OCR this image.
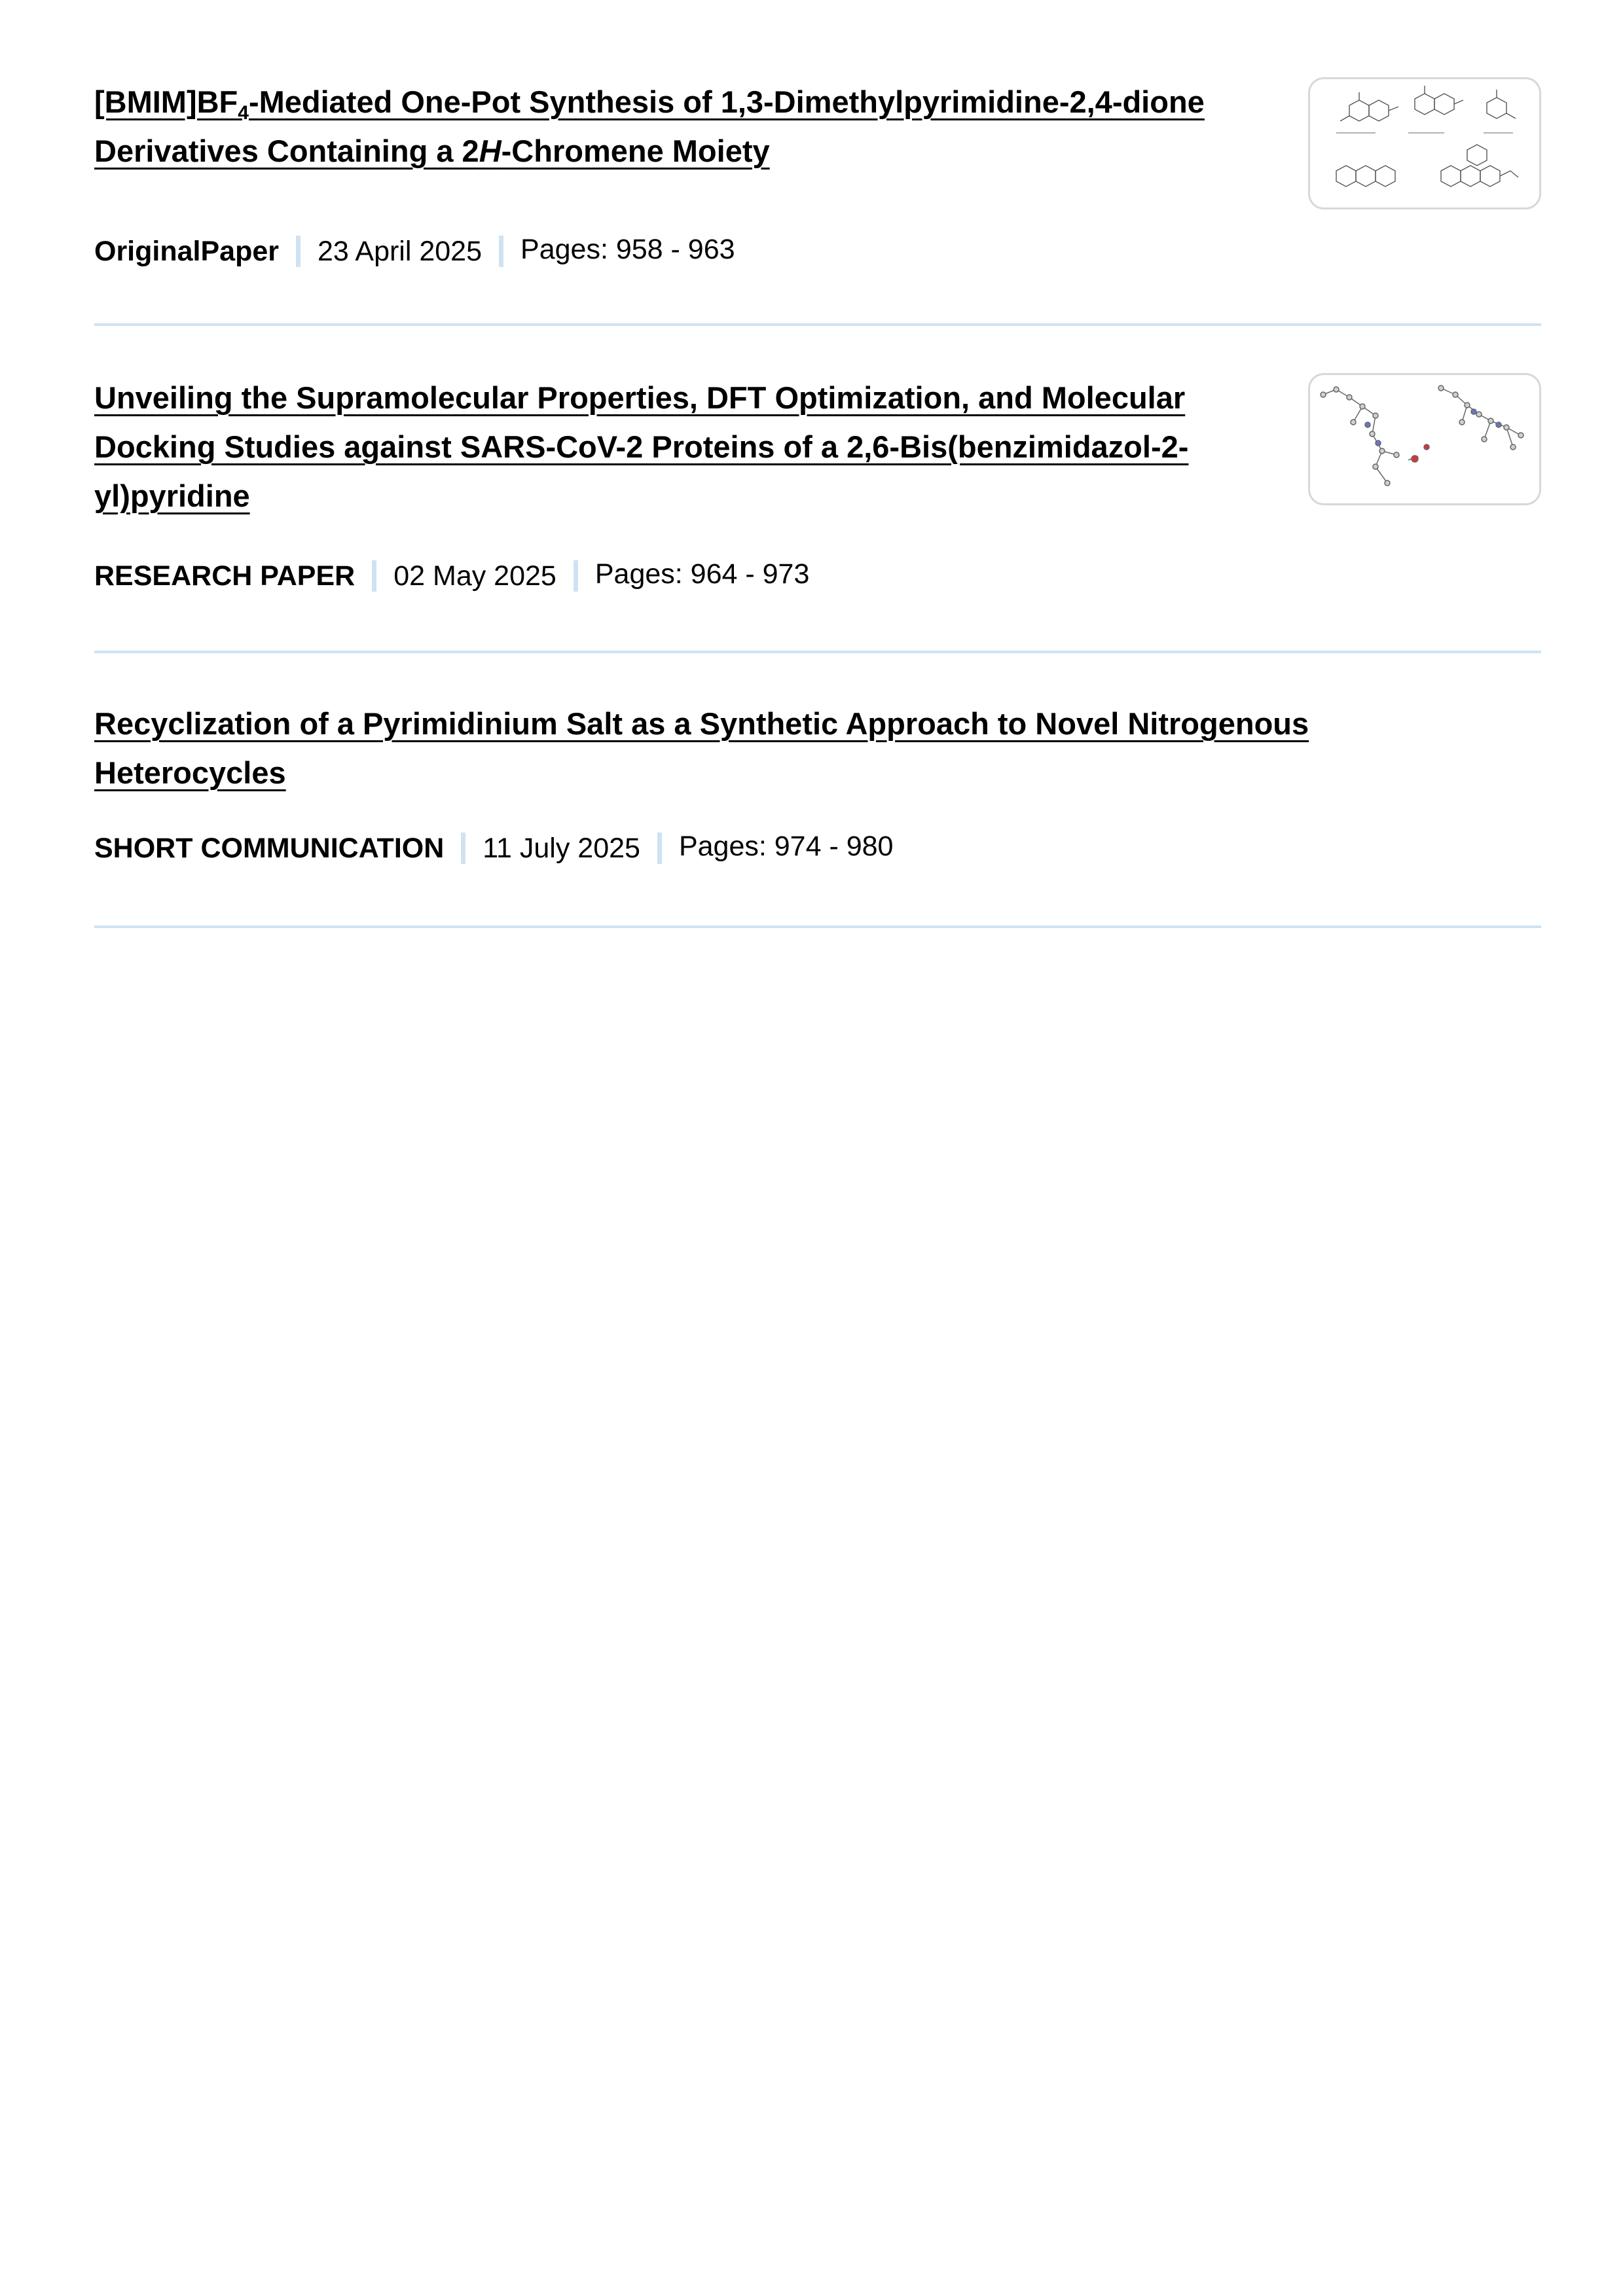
$[BMIM]BF_4$-Mediated One-Pot Synthesis of 1,3-Dimethylpyrimidine-2,4-dione Derivatives Containing a 2H-Chromene Moiety
OriginalPaper 23 April 2025 Pages: 958 - 963
Unveiling the Supramolecular Properties, DFT Optimization, and Molecular Docking Studies against SARS-CoV-2 Proteins of a 2,6-Bis(benzimidazol-2-yl)pyridine
RESEARCH PAPER 02 May 2025 Pages: 964 - 973
Recyclization of a Pyrimidinium Salt as a Synthetic Approach to Novel Nitrogenous Heterocycles
SHORT COMMUNICATION 11 July 2025 Pages: 974 - 980
